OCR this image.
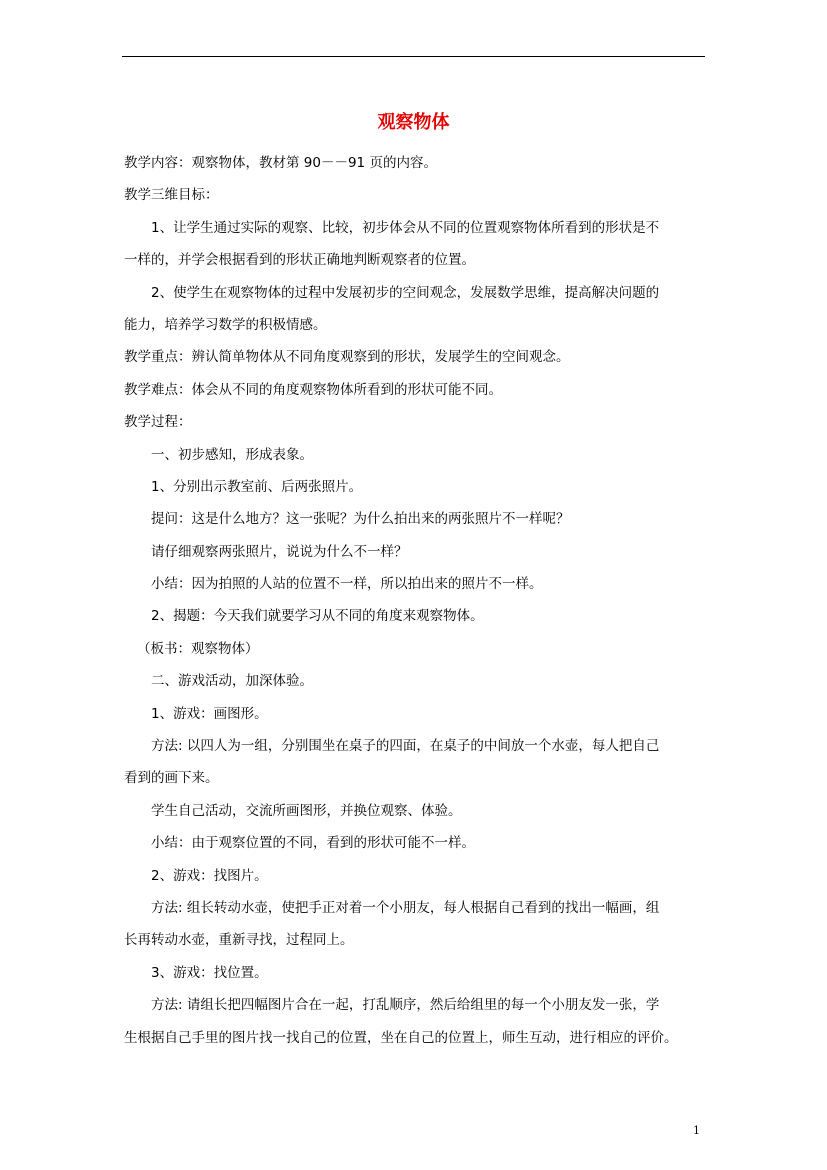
观察物体

教学内容：观察物体，教材第 90－－91 页的内容。

教学三维目标：

1、让学生通过实际的观察、比较，初步体会从不同的位置观察物体所看到的形状是不

一样的，并学会根据看到的形状正确地判断观察者的位置。

2、使学生在观察物体的过程中发展初步的空间观念，发展数学思维，提高解决问题的

能力，培养学习数学的积极情感。

教学重点：辨认简单物体从不同角度观察到的形状，发展学生的空间观念。

教学难点：体会从不同的角度观察物体所看到的形状可能不同。

教学过程：

一、初步感知，形成表象。

1、分别出示教室前、后两张照片。

提问：这是什么地方？这一张呢？为什么拍出来的两张照片不一样呢？

请仔细观察两张照片，说说为什么不一样？

小结：因为拍照的人站的位置不一样，所以拍出来的照片不一样。

2、揭题：今天我们就要学习从不同的角度来观察物体。

（板书：观察物体）

二、游戏活动，加深体验。

1、游戏：画图形。

方法: 以四人为一组，分别围坐在桌子的四面，在桌子的中间放一个水壶，每人把自己

看到的画下来。

学生自己活动，交流所画图形，并换位观察、体验。

小结：由于观察位置的不同，看到的形状可能不一样。

2、游戏：找图片。

方法: 组长转动水壶，使把手正对着一个小朋友，每人根据自己看到的找出一幅画，组

长再转动水壶，重新寻找，过程同上。

3、游戏：找位置。

方法: 请组长把四幅图片合在一起，打乱顺序，然后给组里的每一个小朋友发一张，学

生根据自己手里的图片找一找自己的位置，坐在自己的位置上，师生互动，进行相应的评价。

1
